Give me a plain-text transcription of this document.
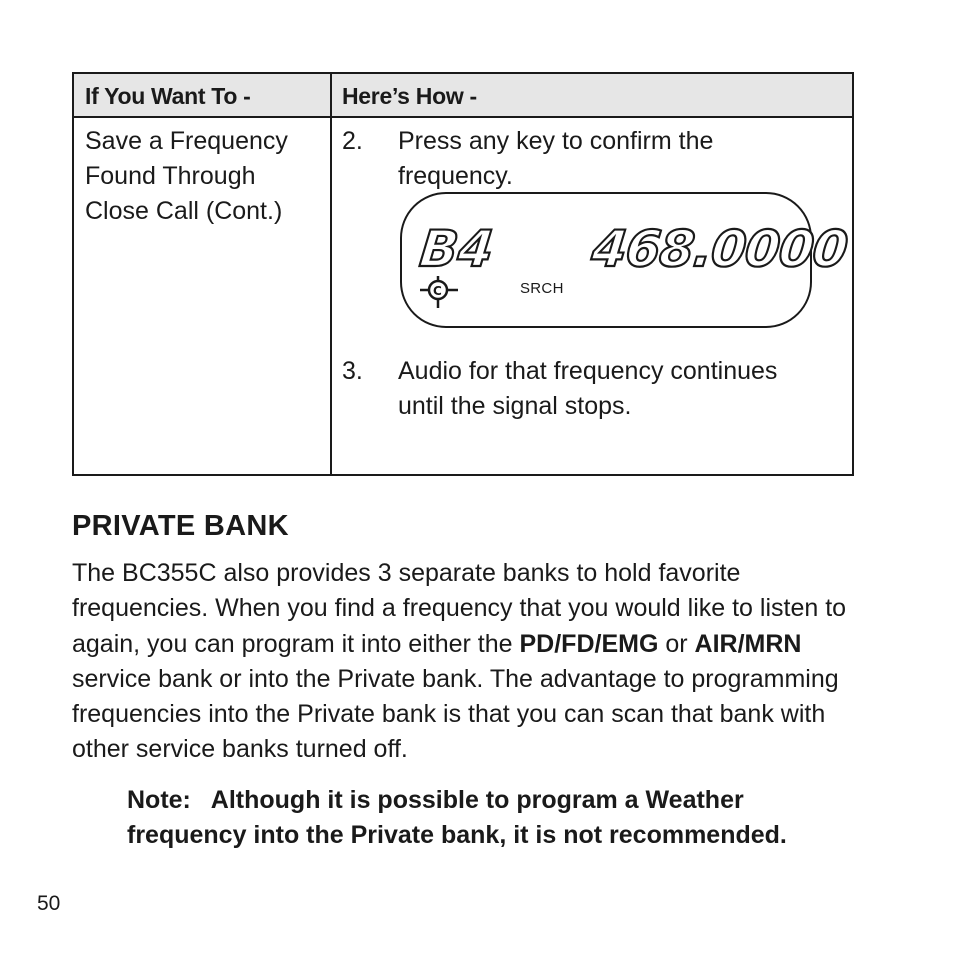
If You Want To -	Here’s How -
Save a Frequency Found Through Close Call (Cont.)
2.	Press any key to confirm the frequency.
3.	Audio for that frequency continues until the signal stops.
B4 468.0000
C	SRCH
PRIVATE BANK
The BC355C also provides 3 separate banks to hold favorite frequencies. When you find a frequency that you would like to listen to again, you can program it into either the PD/FD/EMG or AIR/MRN service bank or into the Private bank. The advantage to programming frequencies into the Private bank is that you can scan that bank with other service banks turned off.
Note:   Although it is possible to program a Weather frequency into the Private bank, it is not recommended.
50
